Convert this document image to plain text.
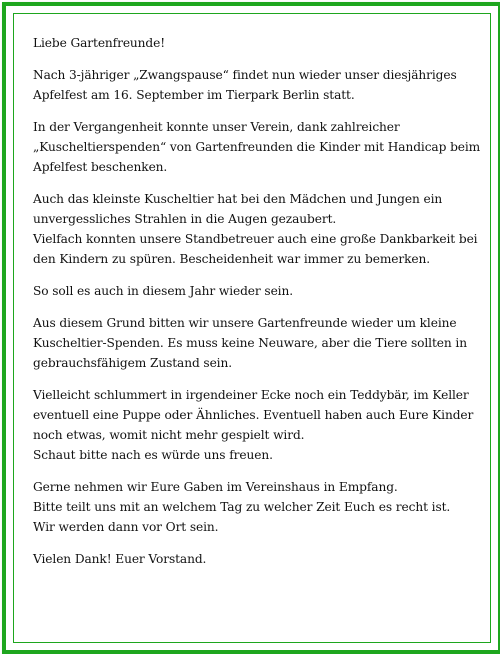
Liebe Gartenfreunde!

Nach 3-jähriger „Zwangspause“ findet nun wieder unser diesjähriges
Apfelfest am 16. September im Tierpark Berlin statt.

In der Vergangenheit konnte unser Verein, dank zahlreicher
„Kuscheltierspenden“ von Gartenfreunden die Kinder mit Handicap beim
Apfelfest beschenken.

Auch das kleinste Kuscheltier hat bei den Mädchen und Jungen ein
unvergessliches Strahlen in die Augen gezaubert.
Vielfach konnten unsere Standbetreuer auch eine große Dankbarkeit bei
den Kindern zu spüren. Bescheidenheit war immer zu bemerken.

So soll es auch in diesem Jahr wieder sein.

Aus diesem Grund bitten wir unsere Gartenfreunde wieder um kleine
Kuscheltier-Spenden. Es muss keine Neuware, aber die Tiere sollten in
gebrauchsfähigem Zustand sein.

Vielleicht schlummert in irgendeiner Ecke noch ein Teddybär, im Keller
eventuell eine Puppe oder Ähnliches. Eventuell haben auch Eure Kinder
noch etwas, womit nicht mehr gespielt wird.
Schaut bitte nach es würde uns freuen.

Gerne nehmen wir Eure Gaben im Vereinshaus in Empfang.
Bitte teilt uns mit an welchem Tag zu welcher Zeit Euch es recht ist.
Wir werden dann vor Ort sein.

Vielen Dank! Euer Vorstand.
